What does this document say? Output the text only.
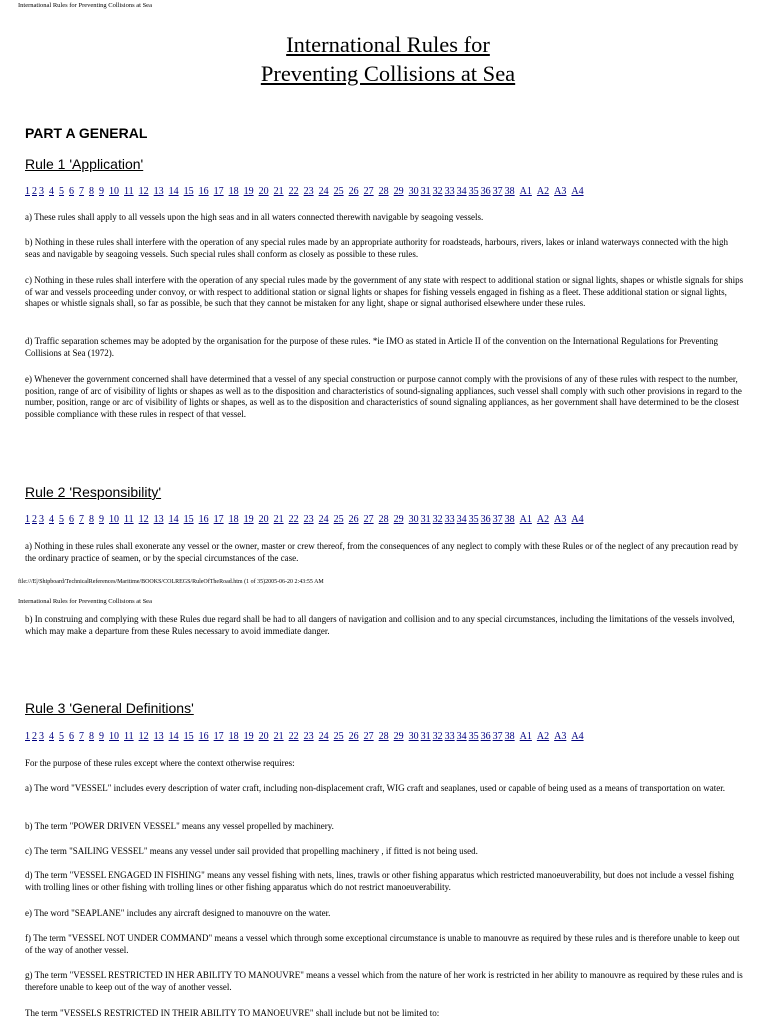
International Rules for Preventing Collisions at Sea
International Rules for
Preventing Collisions at Sea
PART A GENERAL
Rule 1 'Application'
1 2 3 4 5 6 7 8 9 10 11 12 13 14 15 16 17 18 19 20 21 22 23 24 25 26 27 28 29 30 31 32 33 34 35 36 37 38 A1 A2 A3 A4

a) These rules shall apply to all vessels upon the high seas and in all waters connected therewith navigable by seagoing vessels.

b) Nothing in these rules shall interfere with the operation of any special rules made by an appropriate authority for roadsteads, harbours, rivers, lakes or inland waterways connected with the high seas and navigable by seagoing vessels. Such special rules shall conform as closely as possible to these rules.

c) Nothing in these rules shall interfere with the operation of any special rules made by the government of any state with respect to additional station or signal lights, shapes or whistle signals for ships of war and vessels proceeding under convoy, or with respect to additional station or signal lights or shapes for fishing vessels engaged in fishing as a fleet. These additional station or signal lights, shapes or whistle signals shall, so far as possible, be such that they cannot be mistaken for any light, shape or signal authorised elsewhere under these rules.

d) Traffic separation schemes may be adopted by the organisation for the purpose of these rules. *ie IMO as stated in Article II of the convention on the International Regulations for Preventing Collisions at Sea (1972).

e) Whenever the government concerned shall have determined that a vessel of any special construction or purpose cannot comply with the provisions of any of these rules with respect to the number, position, range of arc of visibility of lights or shapes as well as to the disposition and characteristics of sound-signaling appliances, such vessel shall comply with such other provisions in regard to the number, position, range or arc of visibility of lights or shapes, as well as to the disposition and characteristics of sound signaling appliances, as her government shall have determined to be the closest possible compliance with these rules in respect of that vessel.

Rule 2 'Responsibility'
1 2 3 4 5 6 7 8 9 10 11 12 13 14 15 16 17 18 19 20 21 22 23 24 25 26 27 28 29 30 31 32 33 34 35 36 37 38 A1 A2 A3 A4

a) Nothing in these rules shall exonerate any vessel or the owner, master or crew thereof, from the consequences of any neglect to comply with these Rules or of the neglect of any precaution read by the ordinary practice of seamen, or by the special circumstances of the case.

file:///E|/Shipboard/TechnicalReferences/Maritime/BOOKS/COLREGS/RuleOfTheRoad.htm (1 of 35)2005-06-20 2:43:55 AM
International Rules for Preventing Collisions at Sea

b) In construing and complying with these Rules due regard shall be had to all dangers of navigation and collision and to any special circumstances, including the limitations of the vessels involved, which may make a departure from these Rules necessary to avoid immediate danger.

Rule 3 'General Definitions'
1 2 3 4 5 6 7 8 9 10 11 12 13 14 15 16 17 18 19 20 21 22 23 24 25 26 27 28 29 30 31 32 33 34 35 36 37 38 A1 A2 A3 A4

For the purpose of these rules except where the context otherwise requires:

a) The word "VESSEL" includes every description of water craft, including non-displacement craft, WIG craft and seaplanes, used or capable of being used as a means of transportation on water.

b) The term "POWER DRIVEN VESSEL" means any vessel propelled by machinery.

c) The term "SAILING VESSEL" means any vessel under sail provided that propelling machinery , if fitted is not being used.

d) The term "VESSEL ENGAGED IN FISHING" means any vessel fishing with nets, lines, trawls or other fishing apparatus which restricted manoeuverability, but does not include a vessel fishing with trolling lines or other fishing with trolling lines or other fishing apparatus which do not restrict manoeuverability.

e) The word "SEAPLANE" includes any aircraft designed to manouvre on the water.

f) The term "VESSEL NOT UNDER COMMAND" means a vessel which through some exceptional circumstance is unable to manouvre as required by these rules and is therefore unable to keep out of the way of another vessel.

g) The term "VESSEL RESTRICTED IN HER ABILITY TO MANOUVRE" means a vessel which from the nature of her work is restricted in her ability to manouvre as required by these rules and is therefore unable to keep out of the way of another vessel.

The term "VESSELS RESTRICTED IN THEIR ABILITY TO MANOEUVRE" shall include but not be limited to:
